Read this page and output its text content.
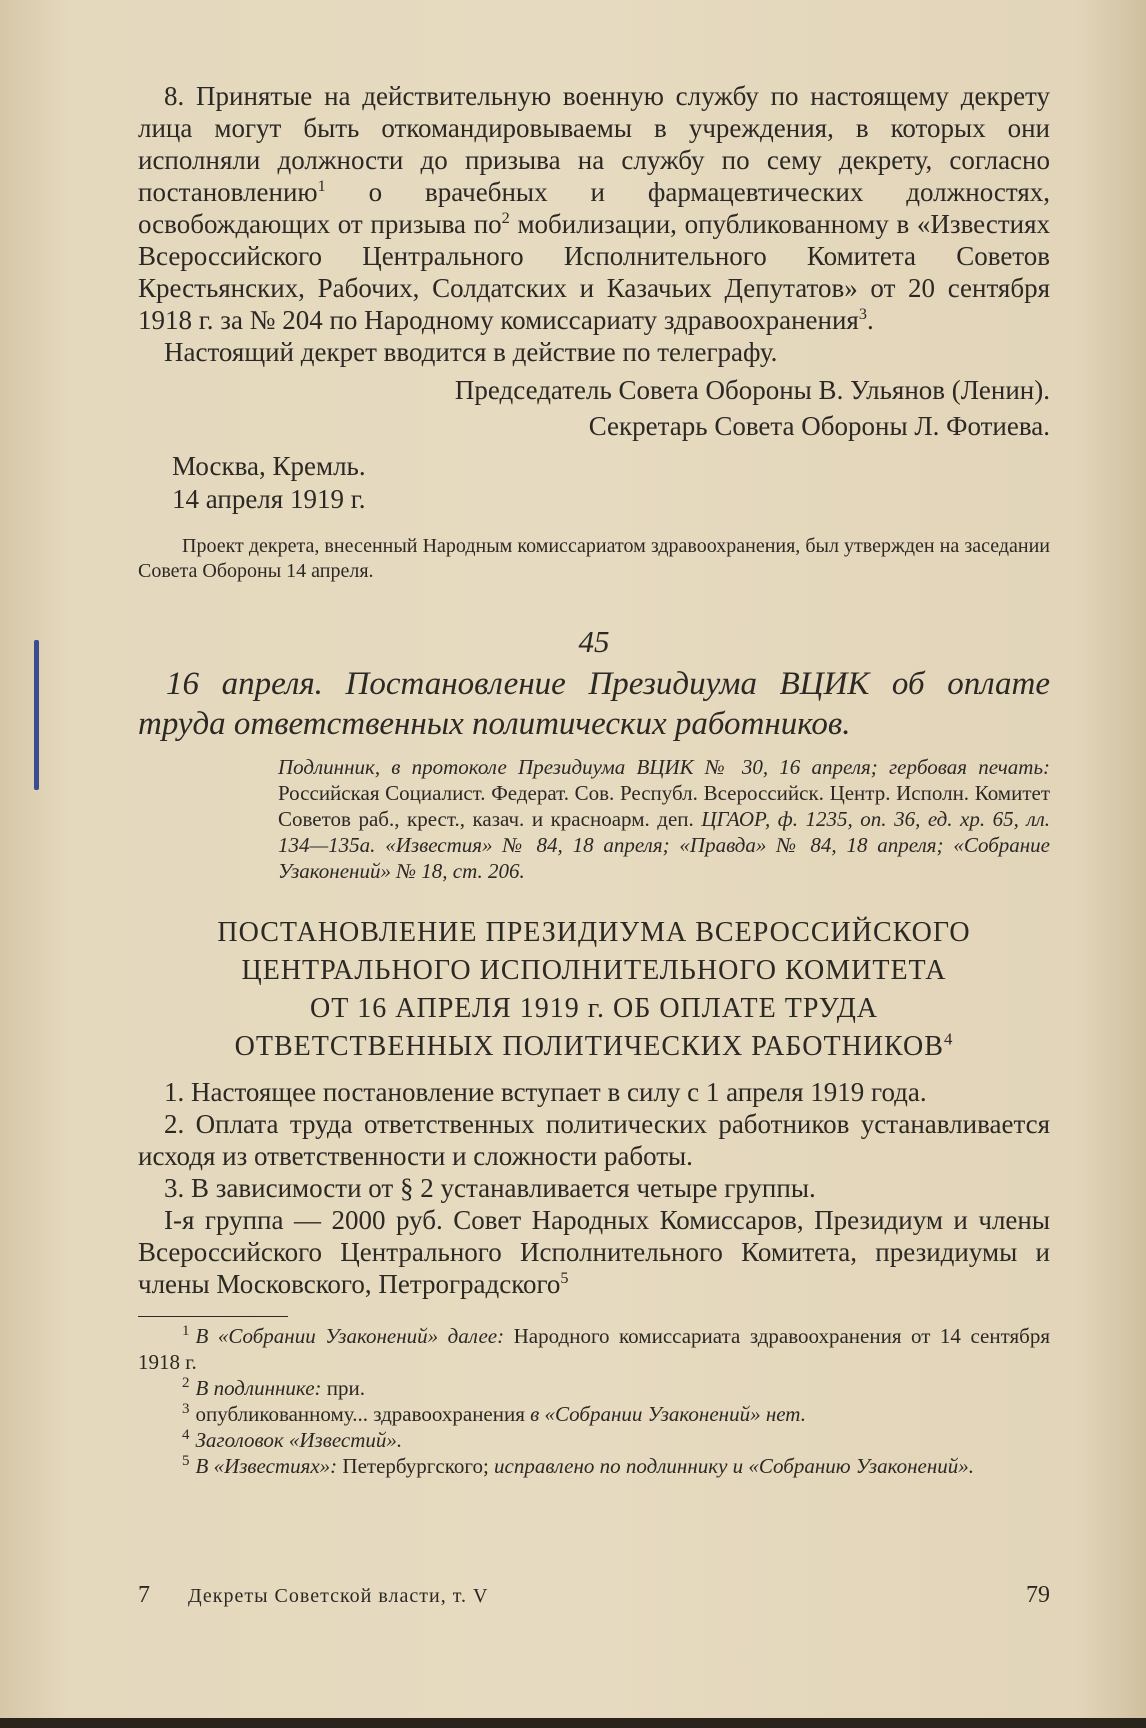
8. Принятые на действительную военную службу по настоящему декрету лица могут быть откомандировываемы в учреждения, в которых они исполняли должности до призыва на службу по сему декрету, согласно постановлению$^1$ о врачебных и фармацевтических должностях, освобождающих от призыва $по^2$ мобилизации, опубликованному в «Известиях Всероссийского Центрального Исполнительного Комитета Советов Крестьянских, Рабочих, Солдатских и Казачьих Депутатов» от 20 сентября 1918 г. за № 204 по Народному комиссариату здравоохранения$^3$.

Настоящий декрет вводится в действие по телеграфу.

Председатель Совета Обороны В. Ульянов (Ленин).

Секретарь Совета Обороны Л. Фотиева.

Москва, Кремль.

14 апреля 1919 г.

Проект декрета, внесенный Народным комиссариатом здравоохранения, был утвержден на заседании Совета Обороны 14 апреля.

45

16 апреля. Постановление Президиума ВЦИК об оплате труда ответственных политических работников.

Подлинник, в протоколе Президиума ВЦИК № 30, 16 апреля; гербовая печать: Российская Социалист. Федерат. Сов. Республ. Всероссийск. Центр. Исполн. Комитет Советов раб., крест., казач. и красноарм. деп. ЦГАОР, ф. 1235, оп. 36, ед. хр. 65, лл. 134—135а. «Известия» № 84, 18 апреля; «Правда» № 84, 18 апреля; «Собрание Узаконений» № 18, ст. 206.

ПОСТАНОВЛЕНИЕ ПРЕЗИДИУМА ВСЕРОССИЙСКОГО

ЦЕНТРАЛЬНОГО ИСПОЛНИТЕЛЬНОГО КОМИТЕТА

ОТ 16 АПРЕЛЯ 1919 г. ОБ ОПЛАТЕ ТРУДА

ОТВЕТСТВЕННЫХ ПОЛИТИЧЕСКИХ РАБОТНИКОВ$^4$

1. Настоящее постановление вступает в силу с 1 апреля 1919 года.

2. Оплата труда ответственных политических работников устанавливается исходя из ответственности и сложности работы.

3. В зависимости от § 2 устанавливается четыре группы.

I-я группа — 2000 руб. Совет Народных Комиссаров, Президиум и члены Всероссийского Центрального Исполнительного Комитета, президиумы и члены Московского, Петроградского$^5$

$^1$ В «Собрании Узаконений» далее: Народного комиссариата здравоохранения от 14 сентября 1918 г.

$^2$ В подлиннике: при.

$^3$ опубликованному... здравоохранения в «Собрании Узаконений» нет.

$^4$ Заголовок «Известий».

$^5$ В «Известиях»: Петербургского; исправлено по подлиннику и «Собранию Узаконений».

7	Декреты Советской власти, т. V	79
